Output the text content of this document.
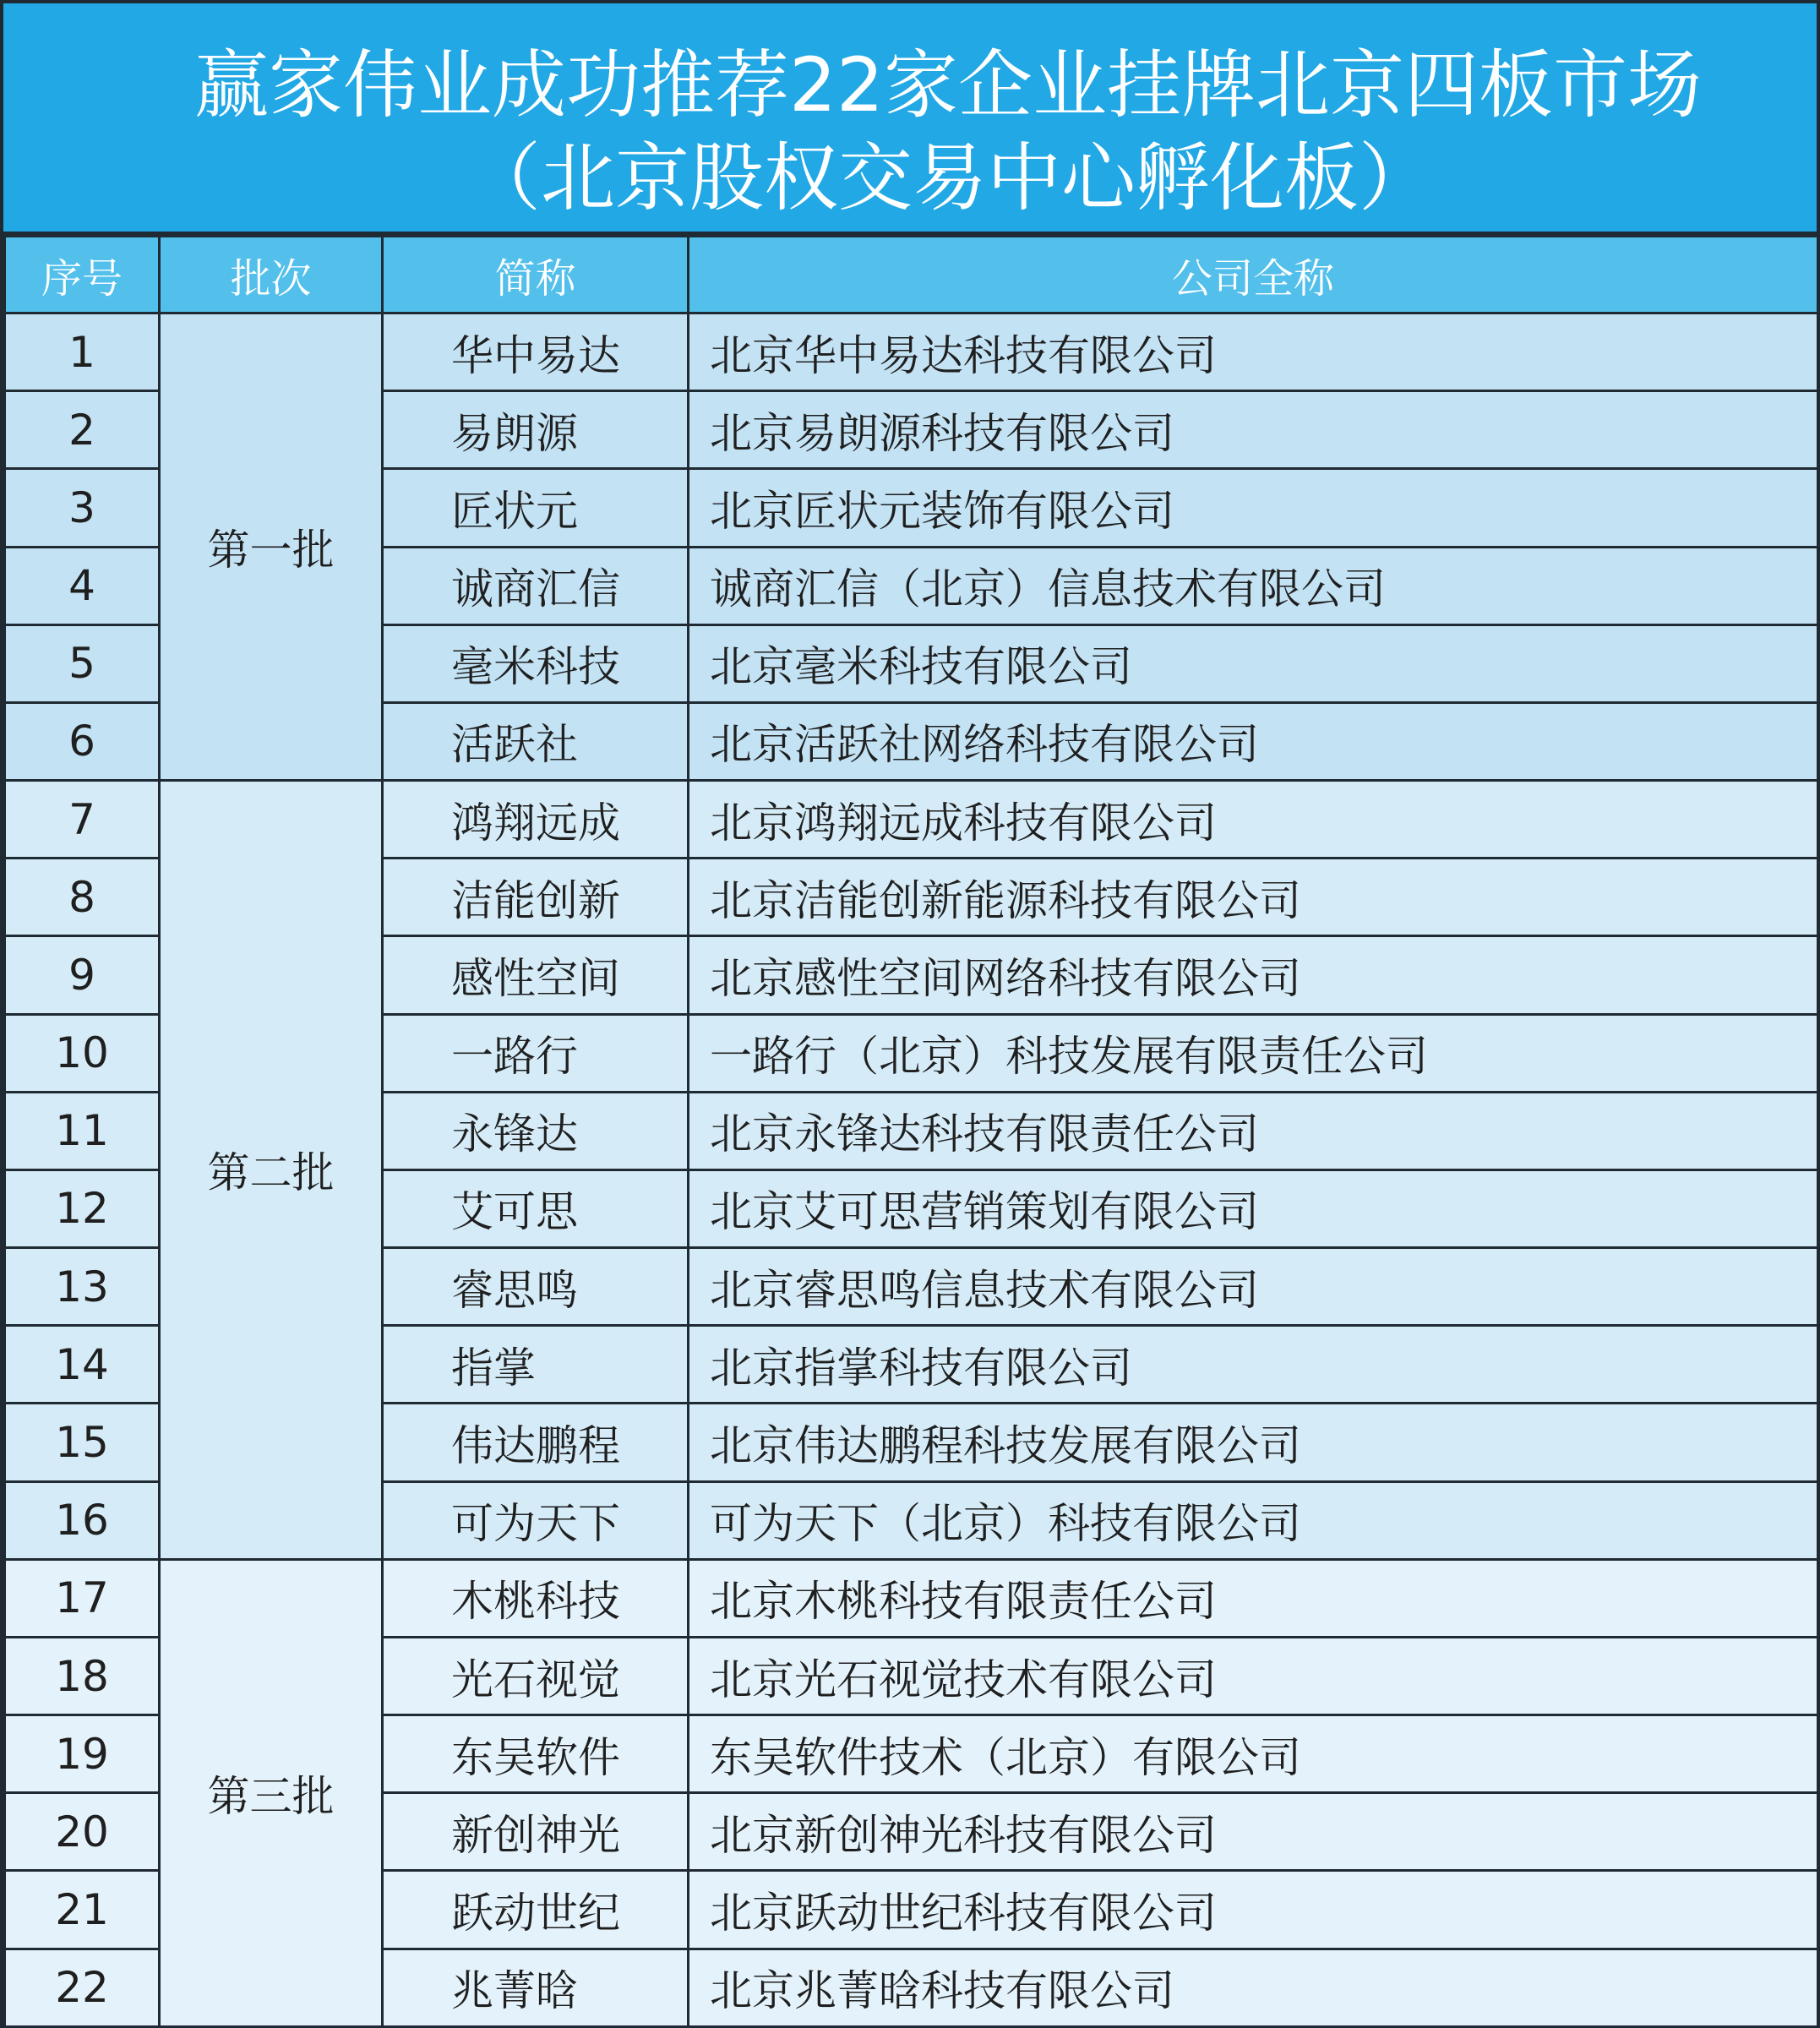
赢家伟业成功推荐22家企业挂牌北京四板市场
（北京股权交易中心孵化板）
序号	批次	简称	公司全称
1	第一批	华中易达	北京华中易达科技有限公司
2		易朗源	北京易朗源科技有限公司
3		匠状元	北京匠状元装饰有限公司
4		诚商汇信	诚商汇信（北京）信息技术有限公司
5		毫米科技	北京毫米科技有限公司
6		活跃社	北京活跃社网络科技有限公司
7	第二批	鸿翔远成	北京鸿翔远成科技有限公司
8		洁能创新	北京洁能创新能源科技有限公司
9		感性空间	北京感性空间网络科技有限公司
10		一路行	一路行（北京）科技发展有限责任公司
11		永锋达	北京永锋达科技有限责任公司
12		艾可思	北京艾可思营销策划有限公司
13		睿思鸣	北京睿思鸣信息技术有限公司
14		指掌	北京指掌科技有限公司
15		伟达鹏程	北京伟达鹏程科技发展有限公司
16		可为天下	可为天下（北京）科技有限公司
17	第三批	木桃科技	北京木桃科技有限责任公司
18		光石视觉	北京光石视觉技术有限公司
19		东吴软件	东吴软件技术（北京）有限公司
20		新创神光	北京新创神光科技有限公司
21		跃动世纪	北京跃动世纪科技有限公司
22		兆菁晗	北京兆菁晗科技有限公司
